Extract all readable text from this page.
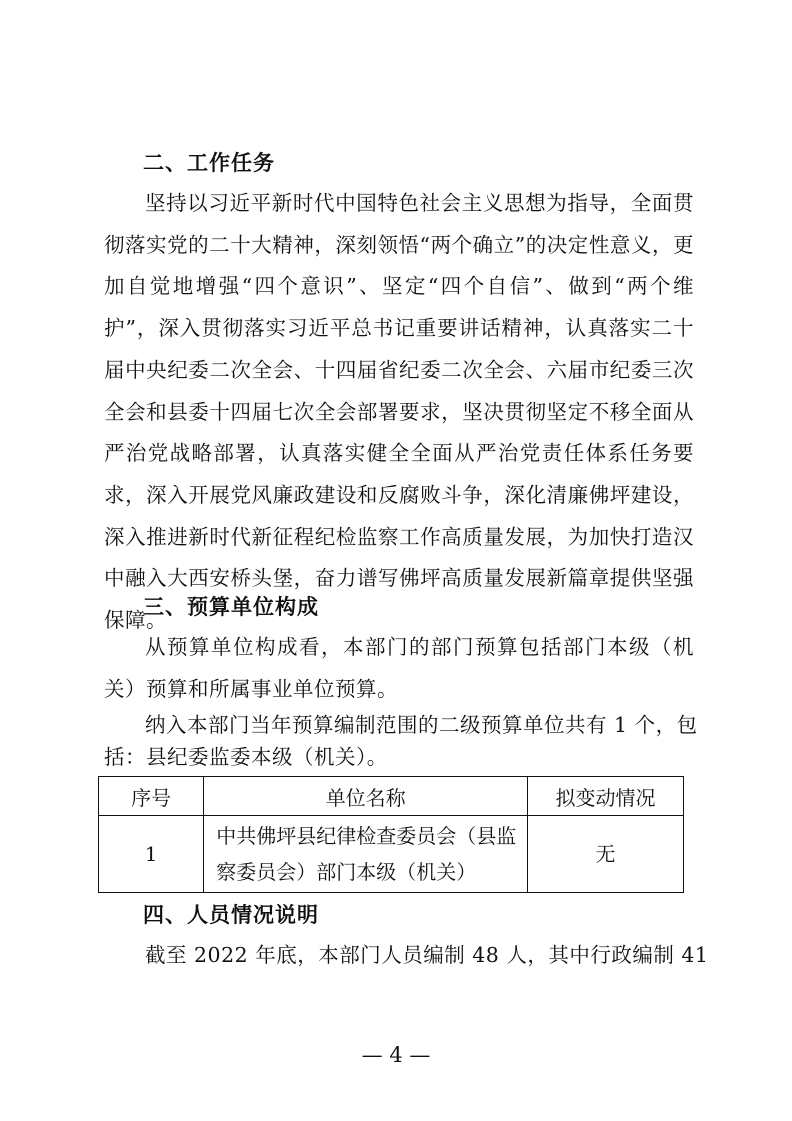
二、工作任务
坚持以习近平新时代中国特色社会主义思想为指导，全面贯彻落实党的二十大精神，深刻领悟“两个确立”的决定性意义，更加自觉地增强“四个意识”、坚定“四个自信”、做到“两个维护”，深入贯彻落实习近平总书记重要讲话精神，认真落实二十届中央纪委二次全会、十四届省纪委二次全会、六届市纪委三次全会和县委十四届七次全会部署要求，坚决贯彻坚定不移全面从严治党战略部署，认真落实健全全面从严治党责任体系任务要求，深入开展党风廉政建设和反腐败斗争，深化清廉佛坪建设，深入推进新时代新征程纪检监察工作高质量发展，为加快打造汉中融入大西安桥头堡，奋力谱写佛坪高质量发展新篇章提供坚强保障。
三、预算单位构成
从预算单位构成看，本部门的部门预算包括部门本级（机关）预算和所属事业单位预算。
纳入本部门当年预算编制范围的二级预算单位共有 1 个，包
括：县纪委监委本级（机关）。
序号	单位名称	拟变动情况
1	中共佛坪县纪律检查委员会（县监察委员会）部门本级（机关）	无
四、人员情况说明
截至 2022 年底，本部门人员编制 48 人，其中行政编制 41
— 4 —
